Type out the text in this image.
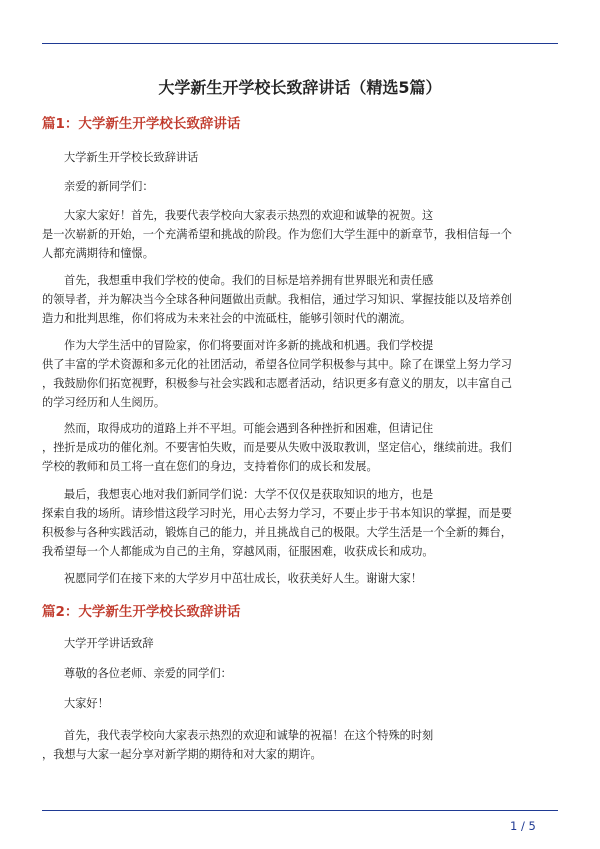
大学新生开学校长致辞讲话（精选5篇）
篇1：大学新生开学校长致辞讲话
大学新生开学校长致辞讲话
亲爱的新同学们：
大家大家好！首先，我要代表学校向大家表示热烈的欢迎和诚挚的祝贺。这
是一次崭新的开始，一个充满希望和挑战的阶段。作为您们大学生涯中的新章节，我相信每一个
人都充满期待和憧憬。
首先，我想重申我们学校的使命。我们的目标是培养拥有世界眼光和责任感
的领导者，并为解决当今全球各种问题做出贡献。我相信，通过学习知识、掌握技能以及培养创
造力和批判思维，你们将成为未来社会的中流砥柱，能够引领时代的潮流。
作为大学生活中的冒险家，你们将要面对许多新的挑战和机遇。我们学校提
供了丰富的学术资源和多元化的社团活动，希望各位同学积极参与其中。除了在课堂上努力学习
，我鼓励你们拓宽视野，积极参与社会实践和志愿者活动，结识更多有意义的朋友，以丰富自己
的学习经历和人生阅历。
然而，取得成功的道路上并不平坦。可能会遇到各种挫折和困难，但请记住
，挫折是成功的催化剂。不要害怕失败，而是要从失败中汲取教训，坚定信心，继续前进。我们
学校的教师和员工将一直在您们的身边，支持着你们的成长和发展。
最后，我想衷心地对我们新同学们说：大学不仅仅是获取知识的地方，也是
探索自我的场所。请珍惜这段学习时光，用心去努力学习，不要止步于书本知识的掌握，而是要
积极参与各种实践活动，锻炼自己的能力，并且挑战自己的极限。大学生活是一个全新的舞台，
我希望每一个人都能成为自己的主角，穿越风雨，征服困难，收获成长和成功。
祝愿同学们在接下来的大学岁月中茁壮成长，收获美好人生。谢谢大家！
篇2：大学新生开学校长致辞讲话
大学开学讲话致辞
尊敬的各位老师、亲爱的同学们：
大家好！
首先，我代表学校向大家表示热烈的欢迎和诚挚的祝福！在这个特殊的时刻
，我想与大家一起分享对新学期的期待和对大家的期许。
1 / 5
